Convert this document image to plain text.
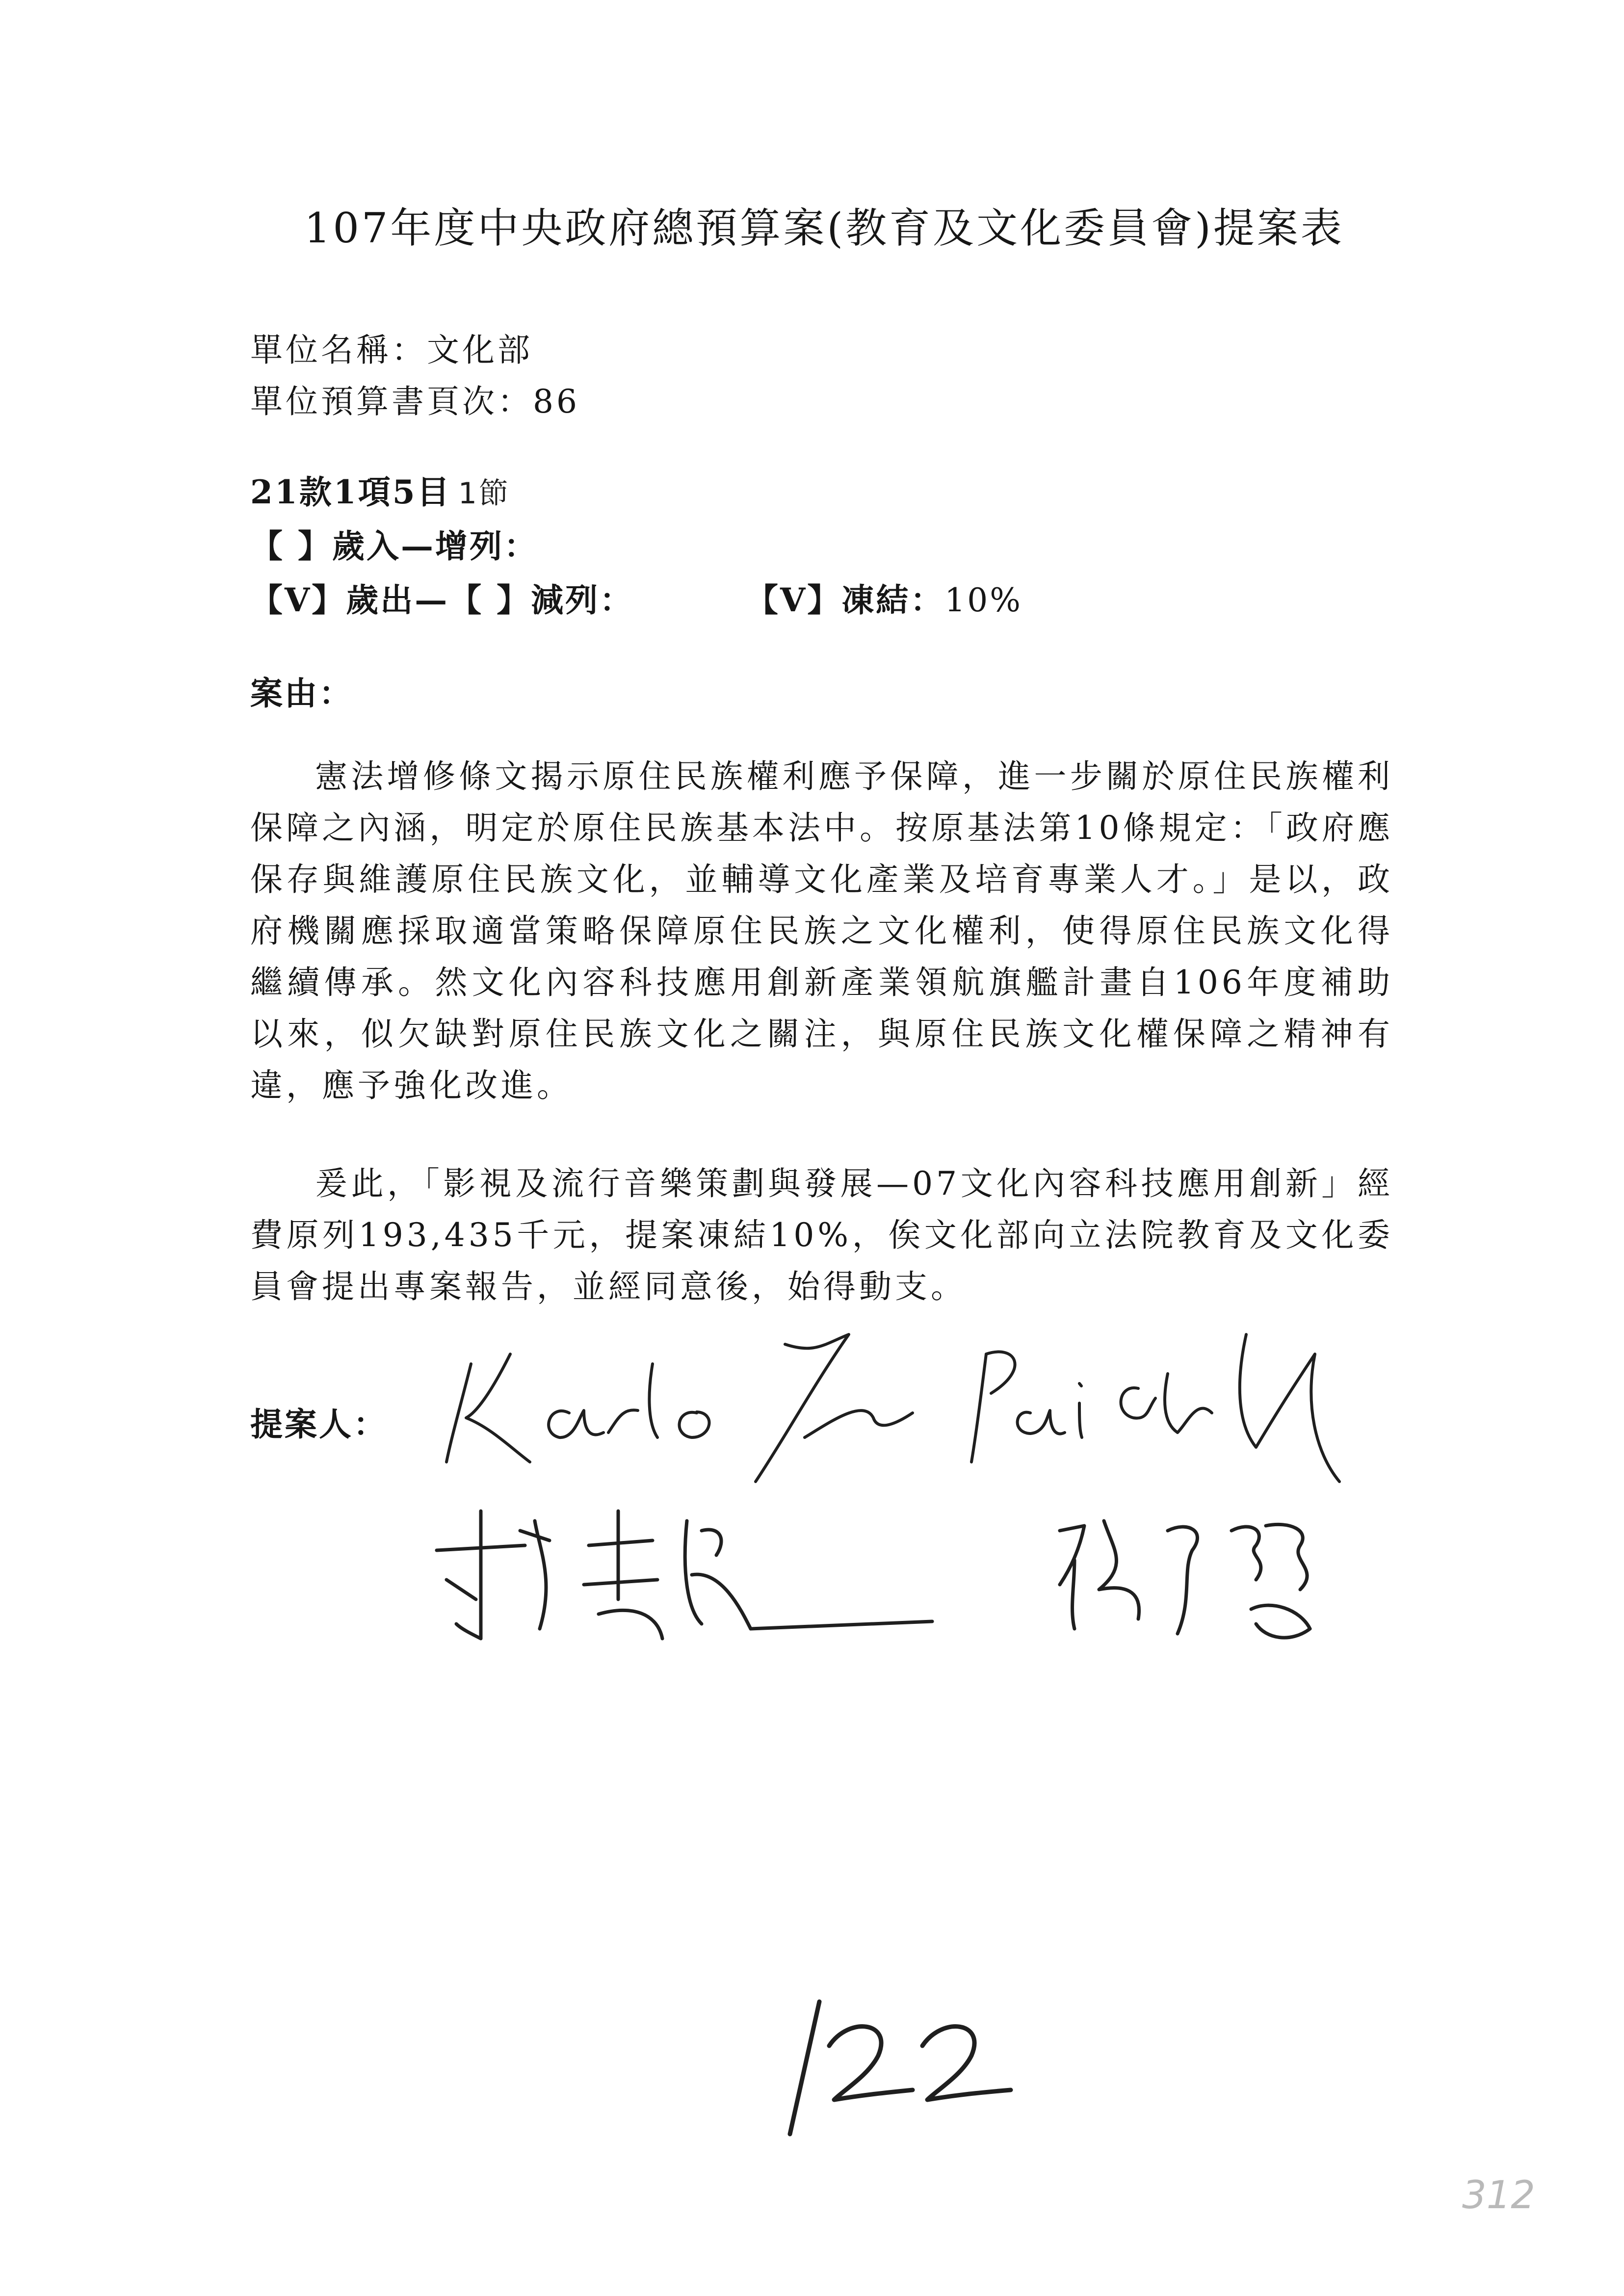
107年度中央政府總預算案(教育及文化委員會)提案表
單位名稱：文化部
單位預算書頁次：86
21款1項5目 1節
【 】歲入—增列：
【V】歲出—【 】減列：	【V】凍結：10%
案由：
憲法增修條文揭示原住民族權利應予保障，進一步關於原住民族權利保障之內涵，明定於原住民族基本法中。按原基法第10條規定：「政府應保存與維護原住民族文化，並輔導文化產業及培育專業人才。」是以，政府機關應採取適當策略保障原住民族之文化權利，使得原住民族文化得繼續傳承。然文化內容科技應用創新產業領航旗艦計畫自106年度補助以來，似欠缺對原住民族文化之關注，與原住民族文化權保障之精神有違，應予強化改進。
爰此，「影視及流行音樂策劃與發展—07文化內容科技應用創新」經費原列193,435千元，提案凍結10%，俟文化部向立法院教育及文化委員會提出專案報告，並經同意後，始得動支。
提案人：
312
